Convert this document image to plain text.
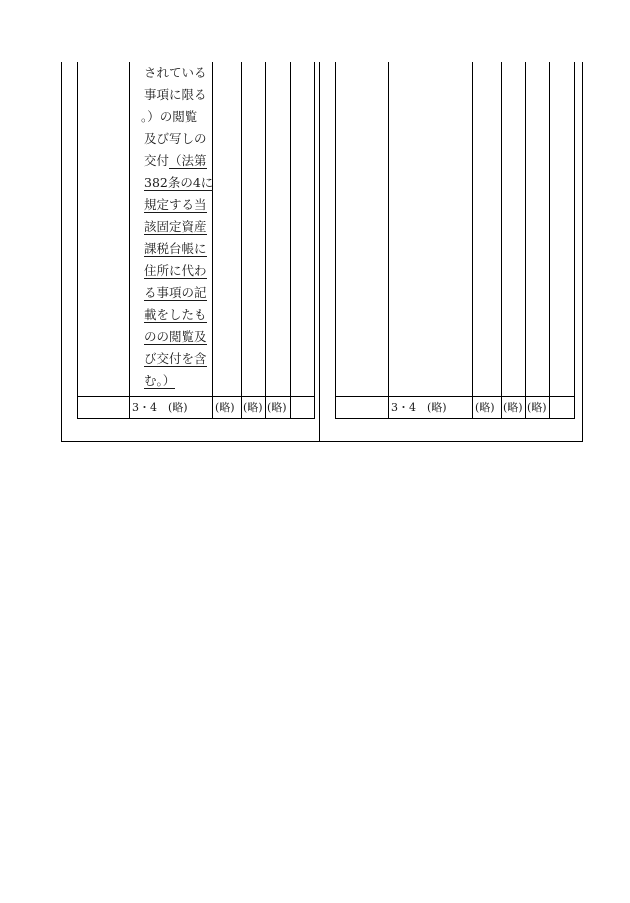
されている
事項に限る
。）の閲覧
及び写しの
交付（法第
382条の4に
規定する当
該固定資産
課税台帳に
住所に代わ
る事項の記
載をしたも
のの閲覧及
び交付を含
む。）
3・4　(略) (略) (略) (略)	3・4　(略)	(略) (略) (略)
